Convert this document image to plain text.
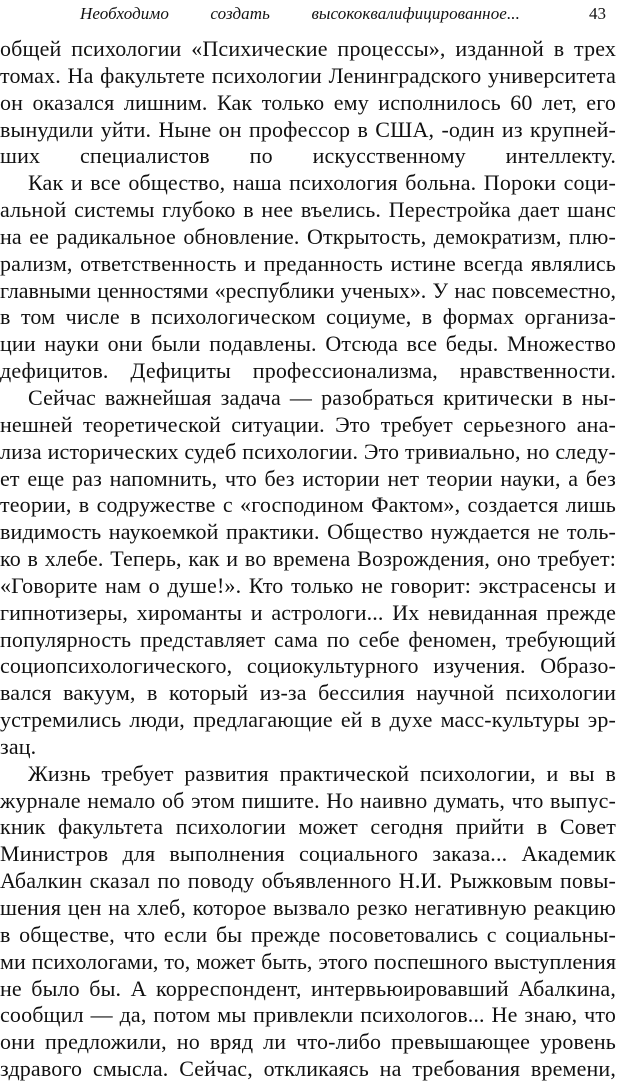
Необходимо создать высококвалифицированное...	43
общей психологии «Психические процессы», изданной в трех
томах. На факультете психологии Ленинградского университета
он оказался лишним. Как только ему исполнилось 60 лет, его
вынудили уйти. Ныне он профессор в США, -один из крупней-
ших специалистов по искусственному интеллекту.
Как и все общество, наша психология больна. Пороки соци-
альной системы глубоко в нее въелись. Перестройка дает шанс
на ее радикальное обновление. Открытость, демократизм, плю-
рализм, ответственность и преданность истине всегда являлись
главными ценностями «республики ученых». У нас повсеместно,
в том числе в психологическом социуме, в формах организа-
ции науки они были подавлены. Отсюда все беды. Множество
дефицитов. Дефициты профессионализма, нравственности.
Сейчас важнейшая задача — разобраться критически в ны-
нешней теоретической ситуации. Это требует серьезного ана-
лиза исторических судеб психологии. Это тривиально, но следу-
ет еще раз напомнить, что без истории нет теории науки, а без
теории, в содружестве с «господином Фактом», создается лишь
видимость наукоемкой практики. Общество нуждается не толь-
ко в хлебе. Теперь, как и во времена Возрождения, оно требует:
«Говорите нам о душе!». Кто только не говорит: экстрасенсы и
гипнотизеры, хироманты и астрологи... Их невиданная прежде
популярность представляет сама по себе феномен, требующий
социопсихологического, социокультурного изучения. Образо-
вался вакуум, в который из-за бессилия научной психологии
устремились люди, предлагающие ей в духе масс-культуры эр-
зац.
Жизнь требует развития практической психологии, и вы в
журнале немало об этом пишите. Но наивно думать, что выпус-
кник факультета психологии может сегодня прийти в Совет
Министров для выполнения социального заказа... Академик
Абалкин сказал по поводу объявленного Н.И. Рыжковым повы-
шения цен на хлеб, которое вызвало резко негативную реакцию
в обществе, что если бы прежде посоветовались с социальны-
ми психологами, то, может быть, этого поспешного выступления
не было бы. А корреспондент, интервьюировавший Абалкина,
сообщил — да, потом мы привлекли психологов... Не знаю, что
они предложили, но вряд ли что-либо превышающее уровень
здравого смысла. Сейчас, откликаясь на требования времени,
